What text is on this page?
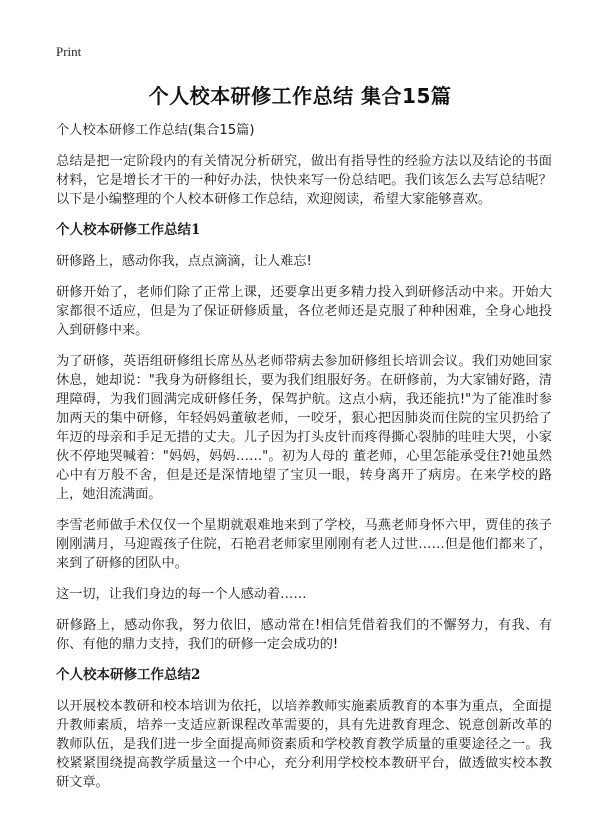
Print
个人校本研修工作总结 集合15篇

个人校本研修工作总结(集合15篇)

总结是把一定阶段内的有关情况分析研究，做出有指导性的经验方法以及结论的书面材料，它是增长才干的一种好办法，快快来写一份总结吧。我们该怎么去写总结呢？以下是小编整理的个人校本研修工作总结，欢迎阅读，希望大家能够喜欢。

个人校本研修工作总结1

研修路上，感动你我，点点滴滴，让人难忘!

研修开始了，老师们除了正常上课，还要拿出更多精力投入到研修活动中来。开始大家都很不适应，但是为了保证研修质量，各位老师还是克服了种种困难，全身心地投入到研修中来。

为了研修，英语组研修组长席丛丛老师带病去参加研修组长培训会议。我们劝她回家休息，她却说："我身为研修组长，要为我们组服好务。在研修前，为大家铺好路，清理障碍，为我们圆满完成研修任务，保驾护航。这点小病，我还能抗!"为了能准时参加两天的集中研修，年轻妈妈董敏老师，一咬牙，狠心把因肺炎而住院的宝贝扔给了年迈的母亲和手足无措的丈夫。儿子因为打头皮针而疼得撕心裂肺的哇哇大哭，小家伙不停地哭喊着："妈妈，妈妈……"。初为人母的 董老师，心里怎能承受住?!她虽然心中有万般不舍，但是还是深情地望了宝贝一眼，转身离开了病房。在来学校的路上，她泪流满面。

李雪老师做手术仅仅一个星期就艰难地来到了学校，马燕老师身怀六甲，贾佳的孩子刚刚满月，马迎霞孩子住院，石艳君老师家里刚刚有老人过世……但是他们都来了，来到了研修的团队中。

这一切，让我们身边的每一个人感动着……

研修路上，感动你我，努力依旧，感动常在!相信凭借着我们的不懈努力，有我、有你、有他的鼎力支持，我们的研修一定会成功的!

个人校本研修工作总结2

以开展校本教研和校本培训为依托，以培养教师实施素质教育的本事为重点，全面提升教师素质，培养一支适应新课程改革需要的，具有先进教育理念、锐意创新改革的教师队伍，是我们进一步全面提高师资素质和学校教育教学质量的重要途径之一。我校紧紧围绕提高教学质量这一个中心，充分利用学校校本教研平台，做透做实校本教研文章。
